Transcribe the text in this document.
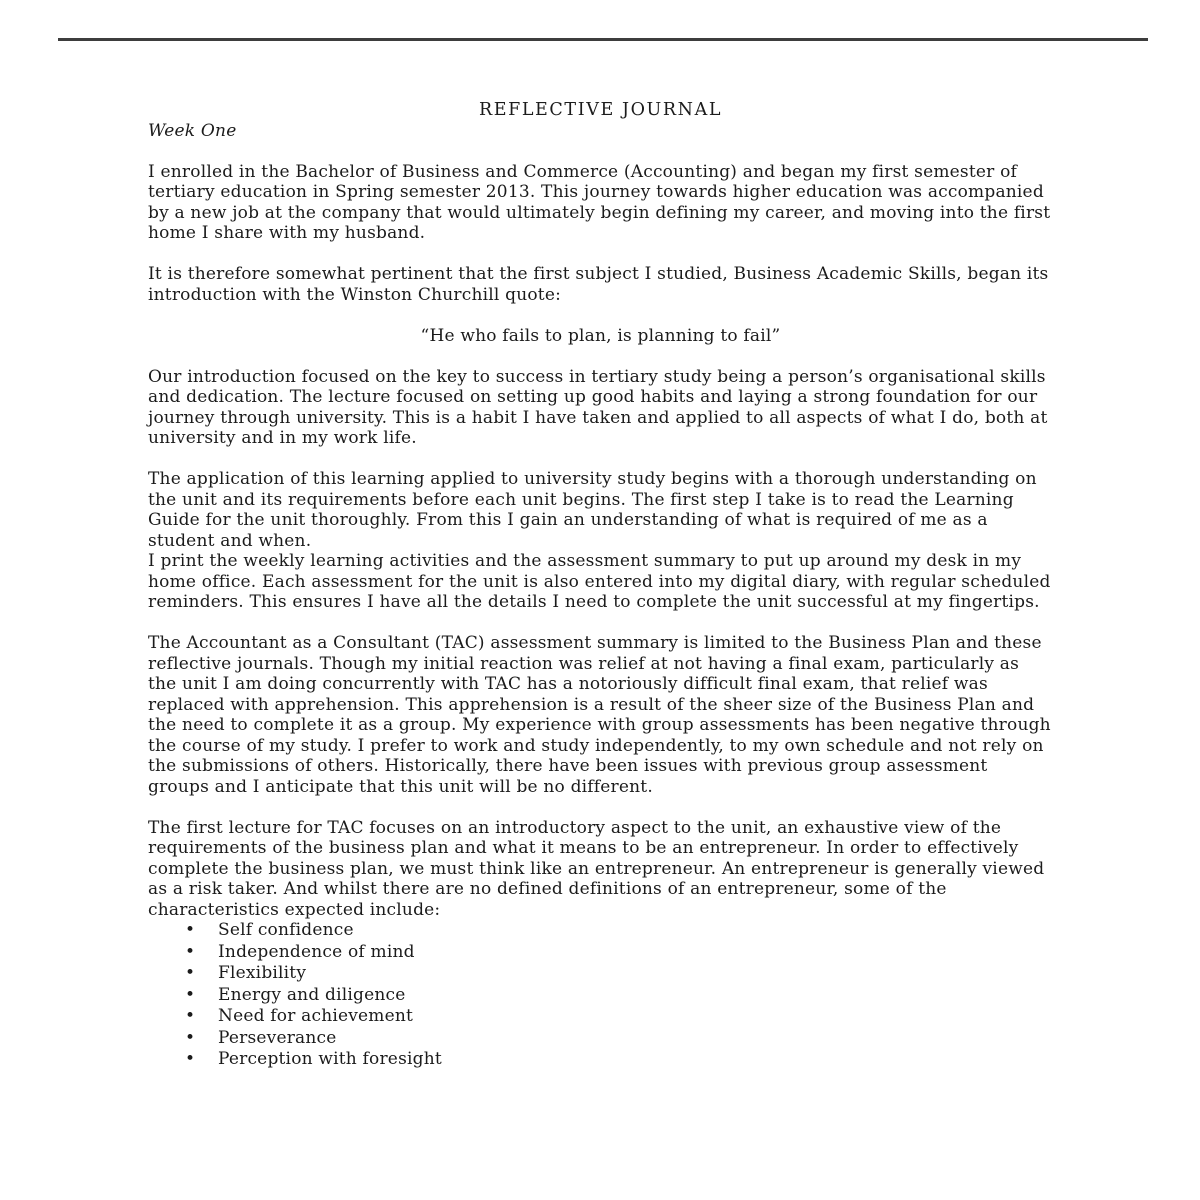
REFLECTIVE JOURNAL
Week One

I enrolled in the Bachelor of Business and Commerce (Accounting) and began my first semester of tertiary education in Spring semester 2013. This journey towards higher education was accompanied by a new job at the company that would ultimately begin defining my career, and moving into the first home I share with my husband.

It is therefore somewhat pertinent that the first subject I studied, Business Academic Skills, began its introduction with the Winston Churchill quote:

“He who fails to plan, is planning to fail”

Our introduction focused on the key to success in tertiary study being a person’s organisational skills and dedication. The lecture focused on setting up good habits and laying a strong foundation for our journey through university. This is a habit I have taken and applied to all aspects of what I do, both at university and in my work life.

The application of this learning applied to university study begins with a thorough understanding on the unit and its requirements before each unit begins. The first step I take is to read the Learning Guide for the unit thoroughly. From this I gain an understanding of what is required of me as a student and when.

I print the weekly learning activities and the assessment summary to put up around my desk in my home office. Each assessment for the unit is also entered into my digital diary, with regular scheduled reminders. This ensures I have all the details I need to complete the unit successful at my fingertips.

The Accountant as a Consultant (TAC) assessment summary is limited to the Business Plan and these reflective journals. Though my initial reaction was relief at not having a final exam, particularly as the unit I am doing concurrently with TAC has a notoriously difficult final exam, that relief was replaced with apprehension. This apprehension is a result of the sheer size of the Business Plan and the need to complete it as a group. My experience with group assessments has been negative through the course of my study. I prefer to work and study independently, to my own schedule and not rely on the submissions of others. Historically, there have been issues with previous group assessment groups and I anticipate that this unit will be no different.

The first lecture for TAC focuses on an introductory aspect to the unit, an exhaustive view of the requirements of the business plan and what it means to be an entrepreneur. In order to effectively complete the business plan, we must think like an entrepreneur. An entrepreneur is generally viewed as a risk taker. And whilst there are no defined definitions of an entrepreneur, some of the characteristics expected include:

• Self confidence
• Independence of mind
• Flexibility
• Energy and diligence
• Need for achievement
• Perseverance
• Perception with foresight
